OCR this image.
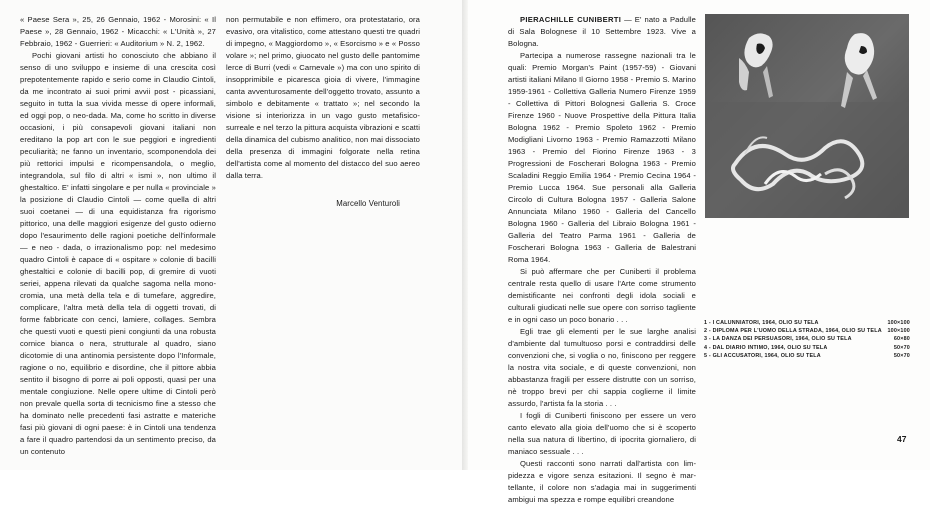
« Paese Sera », 25, 26 Gennaio, 1962 - Morosini: « Il Paese », 28 Gennaio, 1962 - Micacchi: « L'Unità », 27 Febbraio, 1962 - Guerrieri: « Auditorium » N. 2, 1962.

Pochi giovani artisti ho conosciuto che abbiano il senso di uno sviluppo e insieme di una crescita così prepotentemente rapido e serio come in Claudio Cintoli, da me incontrato ai suoi primi avvii post - picassiani, seguito in tutta la sua vivida messe di opere informali, ed oggi pop, o neo-dada. Ma, come ho scritto in diverse occasioni, i più consapevoli giovani italiani non ereditano la pop art con le sue peggiori e ingredienti peculiarità; ne fanno un inventario, scomponendola dei più rettorici impulsi e ricompensandola, o meglio, integrandola, sul filo di altri « ismi », non ultimo il ghestaltico. E' infatti singolare e per nulla « provinciale » la posizione di Claudio Cintoli — come quella di altri suoi coetanei — di una equidistanza fra rigorismo pittorico, una delle maggiori esigenze del gusto odierno dopo l'esaurimento delle ragioni poetiche dell'informale — e neo - dada, o irrazionalismo pop: nel medesimo quadro Cintoli è capace di « ospitare » colonie di bacilli ghestaltici e colonie di bacilli pop, di gremire di vuoti seriei, appena rilevati da qualche sagoma nella monocromia, una metà della tela e di tumefare, aggredire, complicare, l'altra metà della tela di oggetti trovati, di forme fabbricate con cenci, lamiere, collages. Sembra che questi vuoti e questi pieni congiunti da una robusta cornice bianca o nera, strutturale al quadro, siano dicotomie di una antinomia persistente dopo l'Informale, ragione o no, equilibrio e disordine, che il pittore abbia sentito il bisogno di porre ai poli opposti, quasi per una mentale congiuzione. Nelle opere ultime di Cintoli però non prevale quella sorta di tecnicismo fine a stesso che ha dominato nelle precedenti fasi astratte e materiche fasi più giovani di ogni paese: è in Cintoli una tendenza a fare il quadro partendosi da un sentimento preciso, da un contenuto

non permutabile e non effimero, ora protestatario, ora evasivo, ora vitalistico, come attestano questi tre quadri di impegno, « Maggiordomo », « Esorcismo » e « Posso volare »; nel primo, giuocato nel gusto delle pantomime lerce di Burri (vedi « Carnevale ») ma con uno spirito di insopprimibile e picaresca gioia di vivere, l'immagine canta avventurosamente dell'oggetto trovato, assunto a simbolo e debitamente « trattato »; nel secondo la visione si interiorizza in un vago gusto metafisico-surreale e nel terzo la pittura acquista vibrazioni e scatti della dinamica del cubismo analitico, non mai dissociato della presenza di immagini folgorate nella retina dell'artista come al momento del distacco del suo aereo dalla terra.

Marcello Venturoli

PIERACHILLE CUNIBERTI — E' nato a Padulle di Sala Bolognese il 10 Settembre 1923. Vive a Bologna.

Partecipa a numerose rassegne nazionali tra le quali: Premio Morgan's Paint (1957-59) - Giovani artisti italiani Milano Il Giorno 1958 - Premio S. Marino 1959-1961 - Collettiva Galleria Numero Firenze 1959 - Collettiva di Pittori Bolognesi Galleria S. Croce Firenze 1960 - Nuove Prospettive della Pittura Italia Bologna 1962 - Premio Spoleto 1962 - Premio Modigliani Livorno 1963 - Premio Ramazzotti Milano 1963 - Premio del Fiorino Firenze 1963 - 3 Progressioni de Foscherari Bologna 1963 - Premio Scaladini Reggio Emilia 1964 - Premio Cecina 1964 - Premio Lucca 1964. Sue personali alla Galleria Circolo di Cultura Bologna 1957 - Galleria Salone Annunciata Milano 1960 - Galleria del Cancello Bologna 1960 - Galleria del Libraio Bologna 1961 - Galleria del Teatro Parma 1961 - Galleria de Foscherari Bologna 1963 - Galleria de Balestrani Roma 1964.

Si può affermare che per Cuniberti il problema centrale resta quello di usare l'Arte come strumento demistificante nei confronti degli idola sociali e culturali giudicati nelle sue opere con sorriso tagliente e in ogni caso un poco bonario . . .

Egli trae gli elementi per le sue larghe analisi d'ambiente dal tumultuoso porsi e contraddirsi delle convenzioni che, si voglia o no, finiscono per reggere la nostra vita sociale, e di queste convenzioni, non abbastanza fragili per essere distrutte con un sorriso, nè troppo brevi per chi sappia coglierne il limite assurdo, l'artista fa la storia . . .

I fogli di Cuniberti finiscono per essere un vero canto elevato alla gioia dell'uomo che si è scoperto nella sua natura di libertino, di ipocrita giornaliero, di maniaco sessuale . . .

Questi racconti sono narrati dall'artista con limpidezza e vigore senza esitazioni. Il segno è martellante, il colore non s'adagia mai in suggerimenti ambigui ma spezza e rompe equilibri creandone

1 - I CALUNNIATORI, 1964, OLIO SU TELA	100×100
2 - DIPLOMA PER L'UOMO DELLA STRADA, 1964, OLIO SU TELA 100×100
3 - LA DANZA DEI PERSUASORI, 1964, OLIO SU TELA	60×80
4 - DAL DIARIO INTIMO, 1964, OLIO SU TELA	50×70
5 - GLI ACCUSATORI, 1964, OLIO SU TELA	50×70
47
